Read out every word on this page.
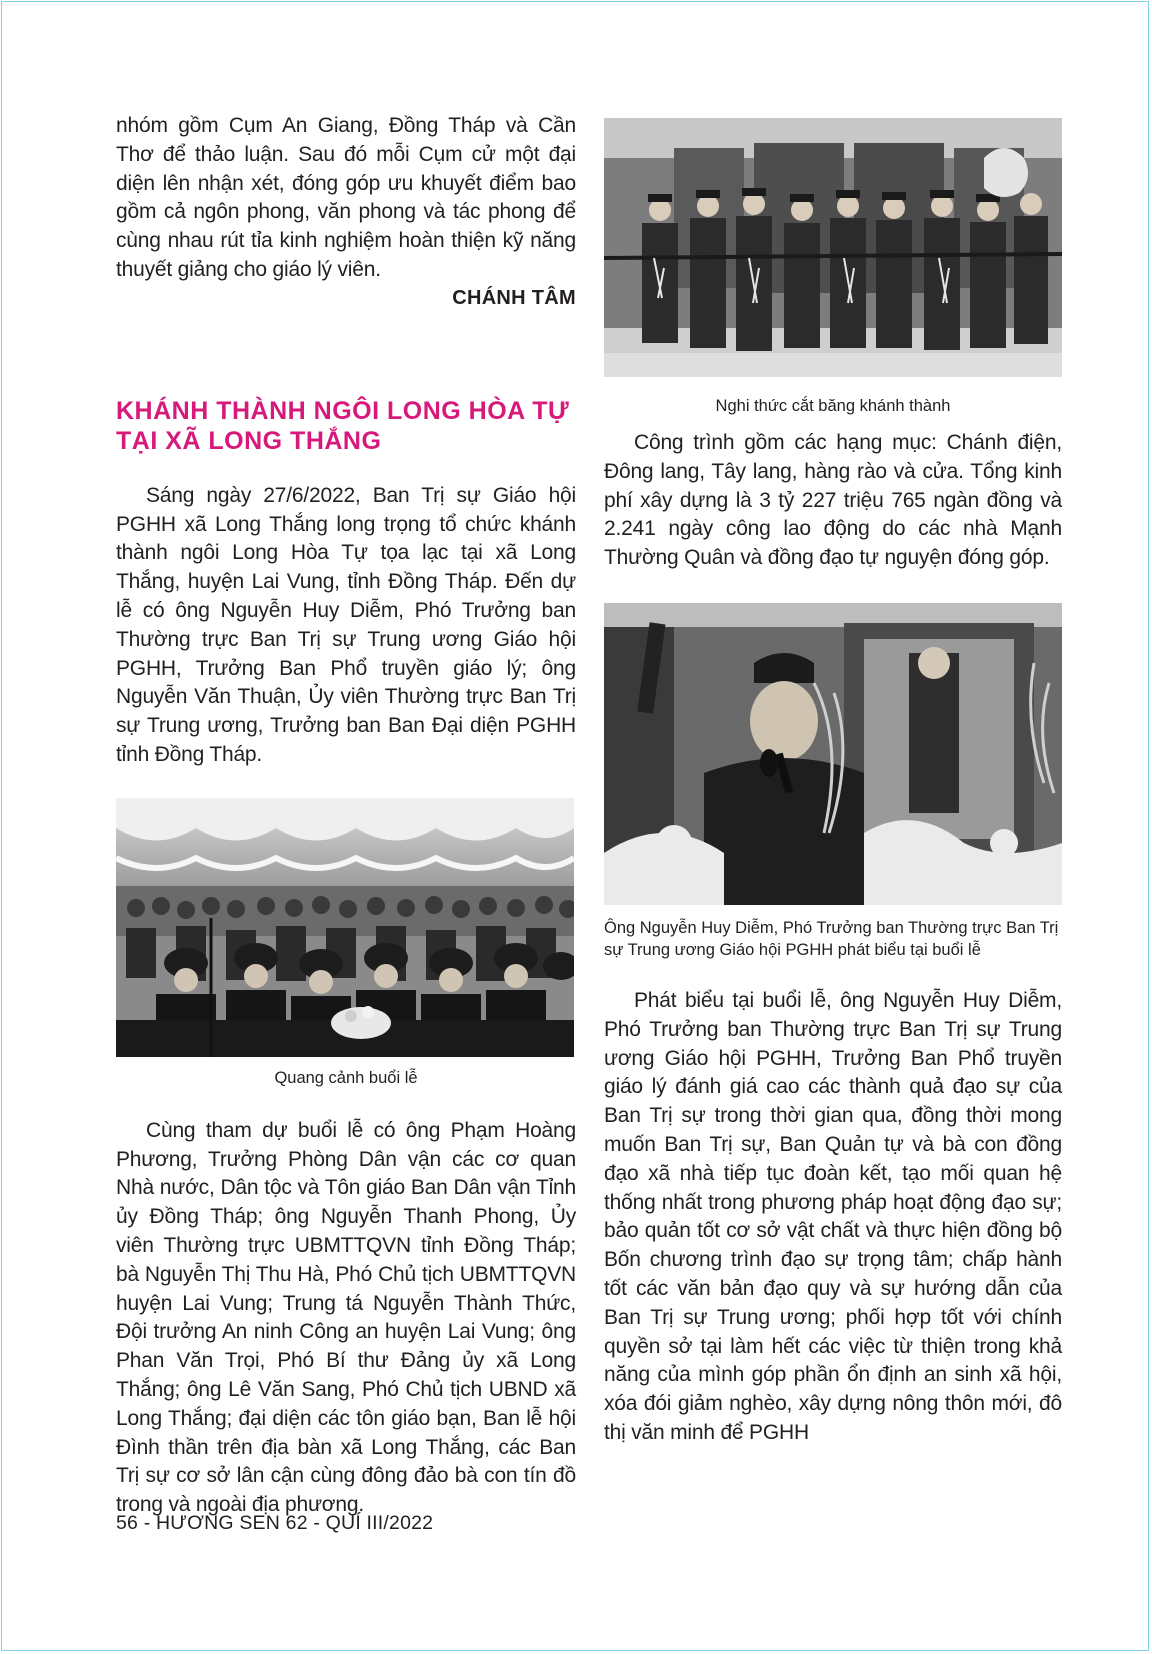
nhóm gồm Cụm An Giang, Đồng Tháp và Cần Thơ để thảo luận. Sau đó mỗi Cụm cử một đại diện lên nhận xét, đóng góp ưu khuyết điểm bao gồm cả ngôn phong, văn phong và tác phong để cùng nhau rút tỉa kinh nghiệm hoàn thiện kỹ năng thuyết giảng cho giáo lý viên.

CHÁNH TÂM
KHÁNH THÀNH NGÔI LONG HÒA TỰ TẠI XÃ LONG THẮNG

Sáng ngày 27/6/2022, Ban Trị sự Giáo hội PGHH xã Long Thắng long trọng tổ chức khánh thành ngôi Long Hòa Tự tọa lạc tại xã Long Thắng, huyện Lai Vung, tỉnh Đồng Tháp. Đến dự lễ có ông Nguyễn Huy Diễm, Phó Trưởng ban Thường trực Ban Trị sự Trung ương Giáo hội PGHH, Trưởng Ban Phổ truyền giáo lý; ông Nguyễn Văn Thuận, Ủy viên Thường trực Ban Trị sự Trung ương, Trưởng ban Ban Đại diện PGHH tỉnh Đồng Tháp.

Quang cảnh buổi lễ

Cùng tham dự buổi lễ có ông Phạm Hoàng Phương, Trưởng Phòng Dân vận các cơ quan Nhà nước, Dân tộc và Tôn giáo Ban Dân vận Tỉnh ủy Đồng Tháp; ông Nguyễn Thanh Phong, Ủy viên Thường trực UBMTTQVN tỉnh Đồng Tháp; bà Nguyễn Thị Thu Hà, Phó Chủ tịch UBMTTQVN huyện Lai Vung; Trung tá Nguyễn Thành Thức, Đội trưởng An ninh Công an huyện Lai Vung; ông Phan Văn Trọi, Phó Bí thư Đảng ủy xã Long Thắng; ông Lê Văn Sang, Phó Chủ tịch UBND xã Long Thắng; đại diện các tôn giáo bạn, Ban lễ hội Đình thần trên địa bàn xã Long Thắng, các Ban Trị sự cơ sở lân cận cùng đông đảo bà con tín đồ trong và ngoài địa phương.

Nghi thức cắt băng khánh thành

Công trình gồm các hạng mục: Chánh điện, Đông lang, Tây lang, hàng rào và cửa. Tổng kinh phí xây dựng là 3 tỷ 227 triệu 765 ngàn đồng và 2.241 ngày công lao động do các nhà Mạnh Thường Quân và đồng đạo tự nguyện đóng góp.

Ông Nguyễn Huy Diễm, Phó Trưởng ban Thường trực Ban Trị sự Trung ương Giáo hội PGHH phát biểu tại buổi lễ

Phát biểu tại buổi lễ, ông Nguyễn Huy Diễm, Phó Trưởng ban Thường trực Ban Trị sự Trung ương Giáo hội PGHH, Trưởng Ban Phổ truyền giáo lý đánh giá cao các thành quả đạo sự của Ban Trị sự trong thời gian qua, đồng thời mong muốn Ban Trị sự, Ban Quản tự và bà con đồng đạo xã nhà tiếp tục đoàn kết, tạo mối quan hệ thống nhất trong phương pháp hoạt động đạo sự; bảo quản tốt cơ sở vật chất và thực hiện đồng bộ Bốn chương trình đạo sự trọng tâm; chấp hành tốt các văn bản đạo quy và sự hướng dẫn của Ban Trị sự Trung ương; phối hợp tốt với chính quyền sở tại làm hết các việc từ thiện trong khả năng của mình góp phần ổn định an sinh xã hội, xóa đói giảm nghèo, xây dựng nông thôn mới, đô thị văn minh để PGHH

56 - HƯƠNG SEN 62 - QUÍ III/2022
